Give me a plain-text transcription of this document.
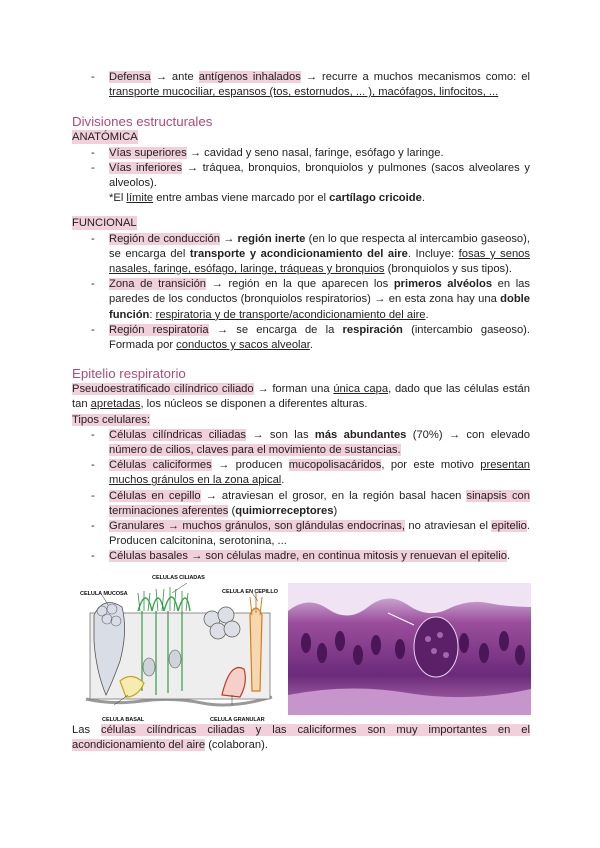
- Defensa → ante antígenos inhalados → recurre a muchos mecanismos como: el transporte mucociliar, espansos (tos, estornudos, ... ), macófagos, linfocitos, ...
Divisiones estructurales
ANATÓMICA
- Vías superiores → cavidad y seno nasal, faringe, esófago y laringe.
- Vías inferiores → tráquea, bronquios, bronquiolos y pulmones (sacos alveolares y alveolos).
*El límite entre ambas viene marcado por el cartílago cricoide.
FUNCIONAL
- Región de conducción → región inerte (en lo que respecta al intercambio gaseoso), se encarga del transporte y acondicionamiento del aire. Incluye: fosas y senos nasales, faringe, esófago, laringe, tráqueas y bronquios (bronquiolos y sus tipos).
- Zona de transición → región en la que aparecen los primeros alvéolos en las paredes de los conductos (bronquiolos respiratorios) → en esta zona hay una doble función: respiratoria y de transporte/acondicionamiento del aire.
- Región respiratoria → se encarga de la respiración (intercambio gaseoso). Formada por conductos y sacos alveolar.
Epitelio respiratorio
Pseudoestratificado cilíndrico ciliado → forman una única capa, dado que las células están tan apretadas, los núcleos se disponen a diferentes alturas.
Tipos celulares:
- Células cilíndricas ciliadas → son las más abundantes (70%) → con elevado número de cilios, claves para el movimiento de sustancias.
- Células caliciformes → producen mucopolisacáridos, por este motivo presentan muchos gránulos en la zona apical.
- Células en cepillo → atraviesan el grosor, en la región basal hacen sinapsis con terminaciones aferentes (quimiorreceptores)
- Granulares → muchos gránulos, son glándulas endocrinas, no atraviesan el epitelio. Producen calcitonina, serotonina, ...
- Células basales → son células madre, en continua mitosis y renuevan el epitelio.
CELULAS CILIADAS
CELULA MUCOSA	CELULA EN CEPILLO
CELULA BASAL	CELULA GRANULAR
Las células cilíndricas ciliadas y las caliciformes son muy importantes en el acondicionamiento del aire (colaboran).
